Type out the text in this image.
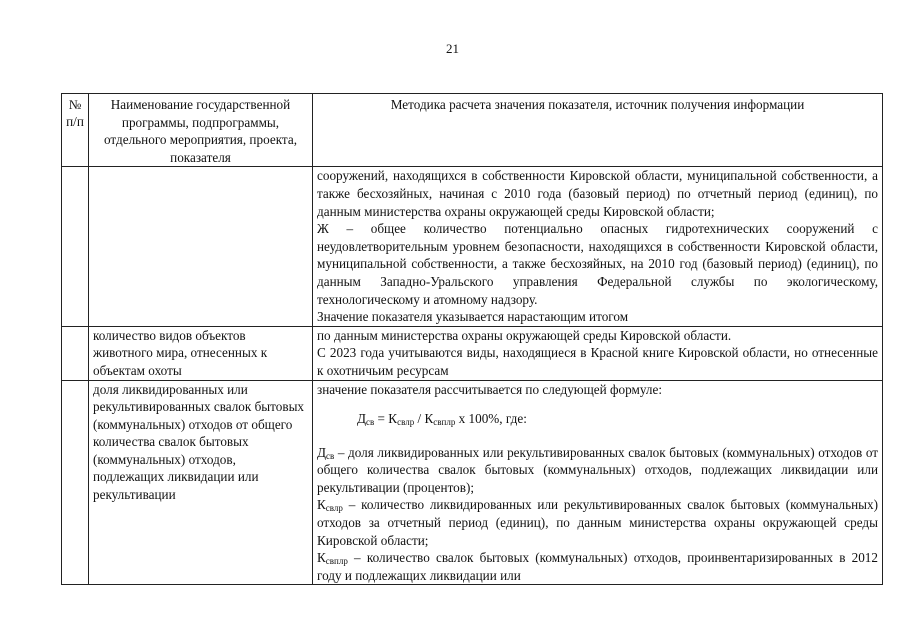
21
№ п/п	Наименование государственной программы, подпрограммы, отдельного мероприятия, проекта, показателя	Методика расчета значения показателя, источник получения информации

		сооружений, находящихся в собственности Кировской области, муниципальной собственности, а также бесхозяйных, начиная с 2010 года (базовый период) по отчетный период (единиц), по данным министерства охраны окружающей среды Кировской области;

Ж – общее количество потенциально опасных гидротехнических сооружений с неудовлетворительным уровнем безопасности, находящихся в собственности Кировской области, муниципальной собственности, а также бесхозяйных, на 2010 год (базовый период) (единиц), по данным Западно-Уральского управления Федеральной службы по экологическому, технологическому и атомному надзору.

Значение показателя указывается нарастающим итогом

	количество видов объектов животного мира, отнесенных к объектам охоты	по данным министерства охраны окружающей среды Кировской области.

С 2023 года учитываются виды, находящиеся в Красной книге Кировской области, но отнесенные к охотничьим ресурсам

	доля ликвидированных или рекультивированных свалок бытовых (коммунальных) отходов от общего количества свалок бытовых (коммунальных) отходов, подлежащих ликвидации или рекультивации	значение показателя рассчитывается по следующей формуле:

$Д_{св} = К_{свлр} / К_{свплр}$ х 100%, где:

$Д_{св}$ – доля ликвидированных или рекультивированных свалок бытовых (коммунальных) отходов от общего количества свалок бытовых (коммунальных) отходов, подлежащих ликвидации или рекультивации (процентов);

$К_{свлр}$ – количество ликвидированных или рекультивированных свалок бытовых (коммунальных) отходов за отчетный период (единиц), по данным министерства охраны окружающей среды Кировской области;

$К_{свплр}$ – количество свалок бытовых (коммунальных) отходов, проинвентаризированных в 2012 году и подлежащих ликвидации или
